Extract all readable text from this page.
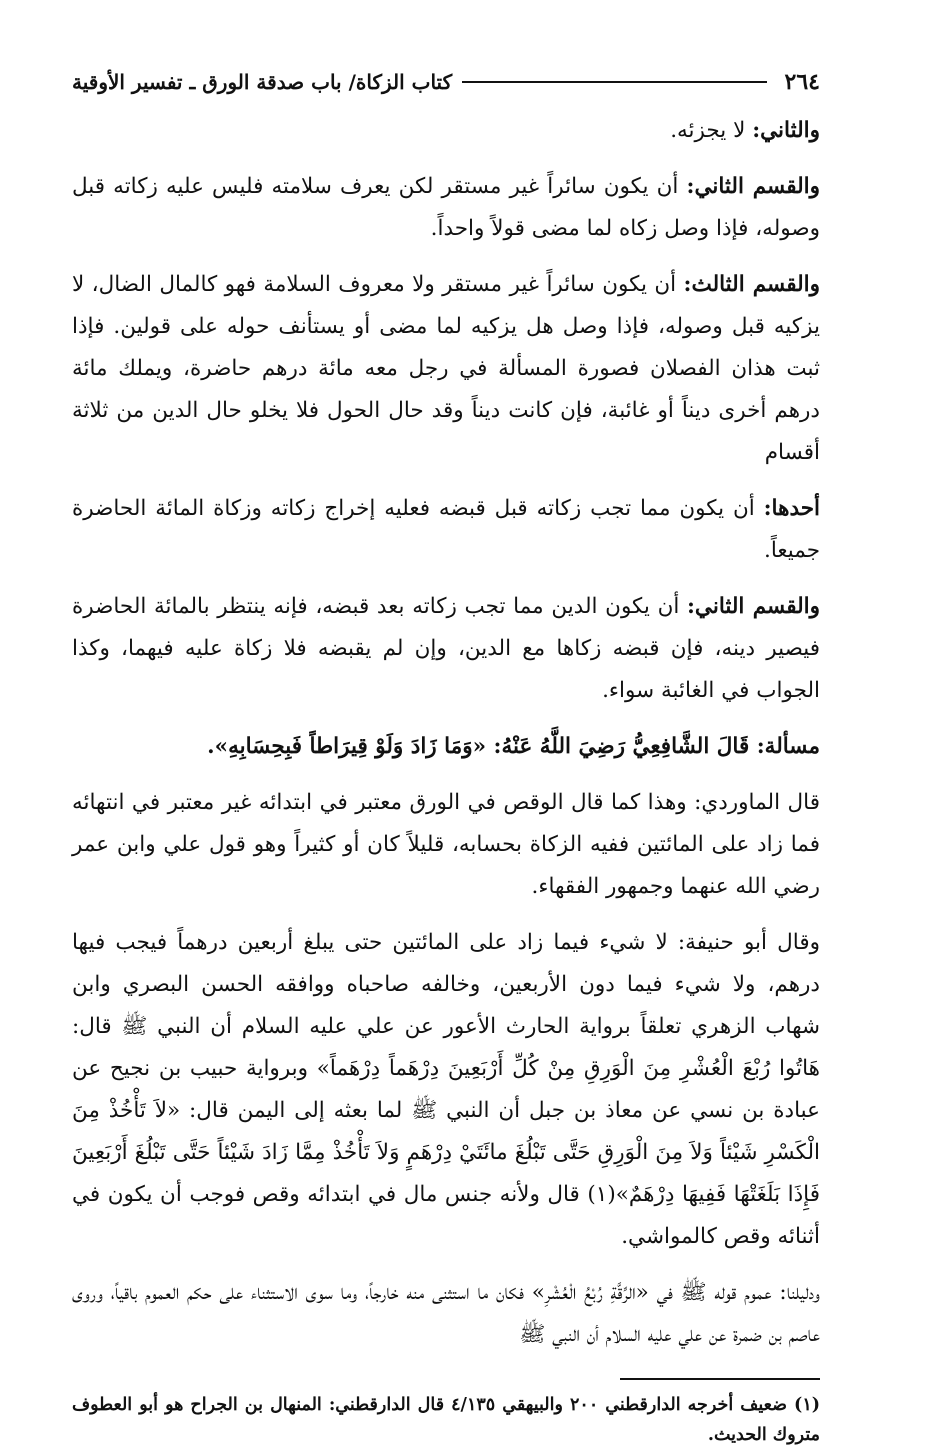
٢٦٤
كتاب الزكاة/ باب صدقة الورق ـ تفسير الأوقية

والثاني: لا يجزئه.

والقسم الثاني: أن يكون سائراً غير مستقر لكن يعرف سلامته فليس عليه زكاته قبل وصوله، فإذا وصل زكاه لما مضى قولاً واحداً.

والقسم الثالث: أن يكون سائراً غير مستقر ولا معروف السلامة فهو كالمال الضال، لا يزكيه قبل وصوله، فإذا وصل هل يزكيه لما مضى أو يستأنف حوله على قولين. فإذا ثبت هذان الفصلان فصورة المسألة في رجل معه مائة درهم حاضرة، ويملك مائة درهم أخرى ديناً أو غائبة، فإن كانت ديناً وقد حال الحول فلا يخلو حال الدين من ثلاثة أقسام

أحدها: أن يكون مما تجب زكاته قبل قبضه فعليه إخراج زكاته وزكاة المائة الحاضرة جميعاً.

والقسم الثاني: أن يكون الدين مما تجب زكاته بعد قبضه، فإنه ينتظر بالمائة الحاضرة فيصير دينه، فإن قبضه زكاها مع الدين، وإن لم يقبضه فلا زكاة عليه فيهما، وكذا الجواب في الغائبة سواء.

مسألة: قَالَ الشَّافِعِيُّ رَضِيَ اللَّهُ عَنْهُ: «وَمَا زَادَ وَلَوْ قِيرَاطاً فَبِحِسَابِهِ».

قال الماوردي: وهذا كما قال الوقص في الورق معتبر في ابتدائه غير معتبر في انتهائه فما زاد على المائتين ففيه الزكاة بحسابه، قليلاً كان أو كثيراً وهو قول علي وابن عمر رضي الله عنهما وجمهور الفقهاء.

وقال أبو حنيفة: لا شيء فيما زاد على المائتين حتى يبلغ أربعين درهماً فيجب فيها درهم، ولا شيء فيما دون الأربعين، وخالفه صاحباه ووافقه الحسن البصري وابن شهاب الزهري تعلقاً برواية الحارث الأعور عن علي عليه السلام أن النبي ﷺ قال: هَاتُوا رُبْعَ الْعُشْرِ مِنَ الْوَرِقِ مِنْ كُلِّ أَرْبَعِينَ دِرْهَماً دِرْهَماً» وبرواية حبيب بن نجيح عن عبادة بن نسي عن معاذ بن جبل أن النبي ﷺ لما بعثه إلى اليمن قال: «لاَ تَأْخُذْ مِنَ الْكَسْرِ شَيْئاً وَلاَ مِنَ الْوَرِقِ حَتَّى تَبْلُغَ مائَتَيْ دِرْهَمٍ وَلاَ تَأْخُذْ مِمَّا زَادَ شَيْئاً حَتَّى تَبْلُغَ أَرْبَعِينَ فَإِذَا بَلَغَتْهَا فَفِيهَا دِرْهَمٌ»(١) قال ولأنه جنس مال في ابتدائه وقص فوجب أن يكون في أثنائه وقص كالمواشي.

ودليلنا: عموم قوله ﷺ في «الرِّقَّةِ رُبْعُ الْعُشْرِ» فكان ما استثنى منه خارجاً، وما سوى الاستثناء على حكم العموم باقياً، وروى عاصم بن ضمرة عن علي عليه السلام أن النبي ﷺ

(١) ضعيف أخرجه الدارقطني ٢٠٠ والبيهقي ٤/١٣٥ قال الدارقطني: المنهال بن الجراح هو أبو العطوف متروك الحديث.
